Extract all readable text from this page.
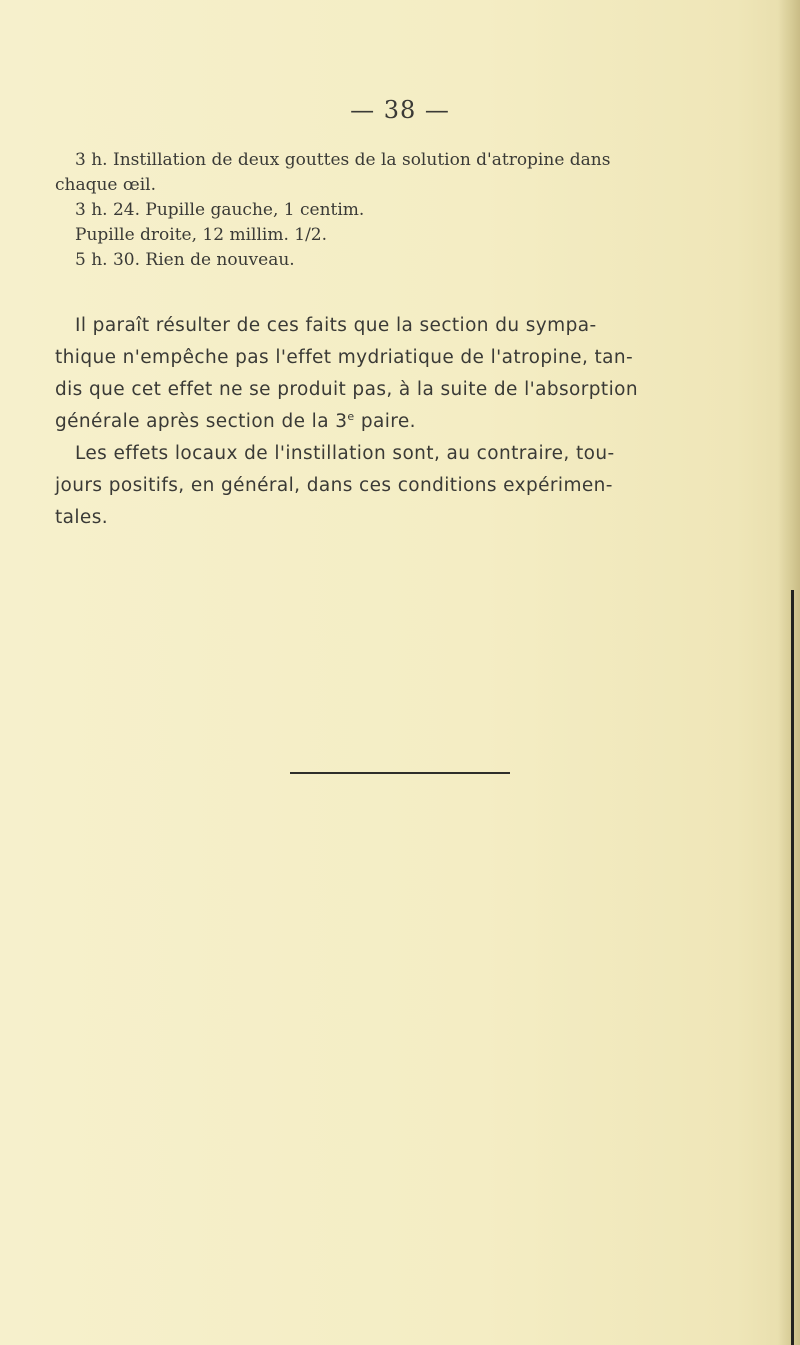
— 38 —
3 h. Instillation de deux gouttes de la solution d'atropine dans
chaque œil.
3 h. 24. Pupille gauche, 1 centim.
Pupille droite, 12 millim. 1/2.
5 h. 30. Rien de nouveau.
Il paraît résulter de ces faits que la section du sympa-
thique n'empêche pas l'effet mydriatique de l'atropine, tan-
dis que cet effet ne se produit pas, à la suite de l'absorption
générale après section de la 3e paire.
Les effets locaux de l'instillation sont, au contraire, tou-
jours positifs, en général, dans ces conditions expérimen-
tales.
